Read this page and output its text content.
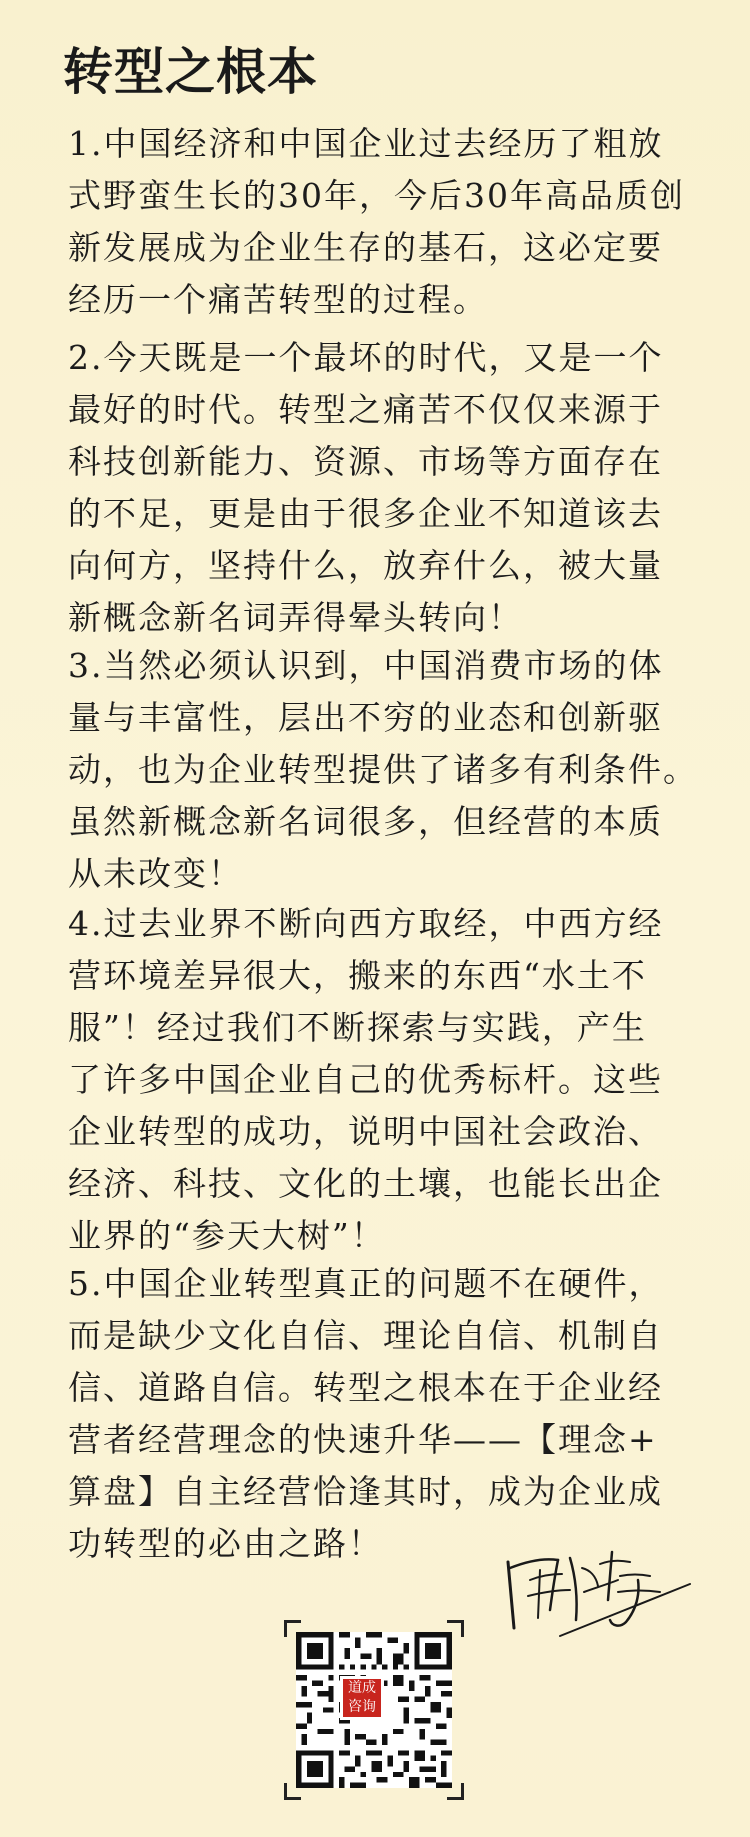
转型之根本
1.中国经济和中国企业过去经历了粗放
式野蛮生长的30年，今后30年高品质创
新发展成为企业生存的基石，这必定要
经历一个痛苦转型的过程。
2.今天既是一个最坏的时代，又是一个
最好的时代。转型之痛苦不仅仅来源于
科技创新能力、资源、市场等方面存在
的不足，更是由于很多企业不知道该去
向何方，坚持什么，放弃什么，被大量
新概念新名词弄得晕头转向！
3.当然必须认识到，中国消费市场的体
量与丰富性，层出不穷的业态和创新驱
动，也为企业转型提供了诸多有利条件。
虽然新概念新名词很多，但经营的本质
从未改变！
4.过去业界不断向西方取经，中西方经
营环境差异很大，搬来的东西“水土不
服”！经过我们不断探索与实践，产生
了许多中国企业自己的优秀标杆。这些
企业转型的成功，说明中国社会政治、
经济、科技、文化的土壤，也能长出企
业界的“参天大树”！
5.中国企业转型真正的问题不在硬件，
而是缺少文化自信、理论自信、机制自
信、道路自信。转型之根本在于企业经
营者经营理念的快速升华——【理念+
算盘】自主经营恰逢其时，成为企业成
功转型的必由之路！
道成
咨询
